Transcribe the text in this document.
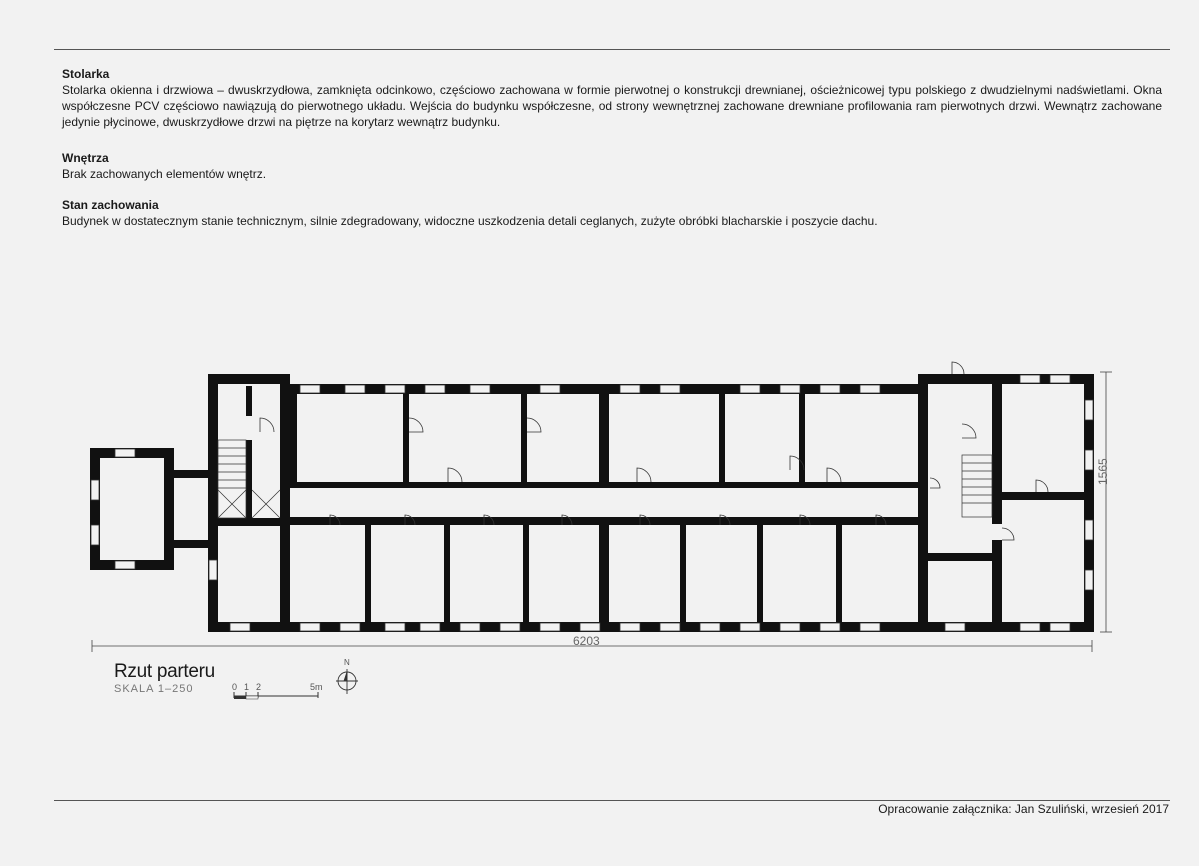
Stolarka
Stolarka okienna i drzwiowa – dwuskrzydłowa, zamknięta odcinkowo, częściowo zachowana w formie pierwotnej o konstrukcji drewnianej, ościeżnicowej typu polskiego z dwudzielnymi nadświetlami. Okna współczesne PCV częściowo nawiązują do pierwotnego układu. Wejścia do budynku współczesne, od strony wewnętrznej zachowane drewniane profilowania ram pierwotnych drzwi. Wewnątrz zachowane jedynie płycinowe, dwuskrzydłowe drzwi na piętrze na korytarz wewnątrz budynku.
Wnętrza
Brak zachowanych elementów wnętrz.
Stan zachowania
Budynek w dostatecznym stanie technicznym, silnie zdegradowany, widoczne uszkodzenia detali ceglanych, zużyte obróbki blacharskie i poszycie dachu.
6203
1565
Rzut parteru
SKALA 1–250	0 1 2	5m
N
Opracowanie załącznika: Jan Szuliński, wrzesień 2017
